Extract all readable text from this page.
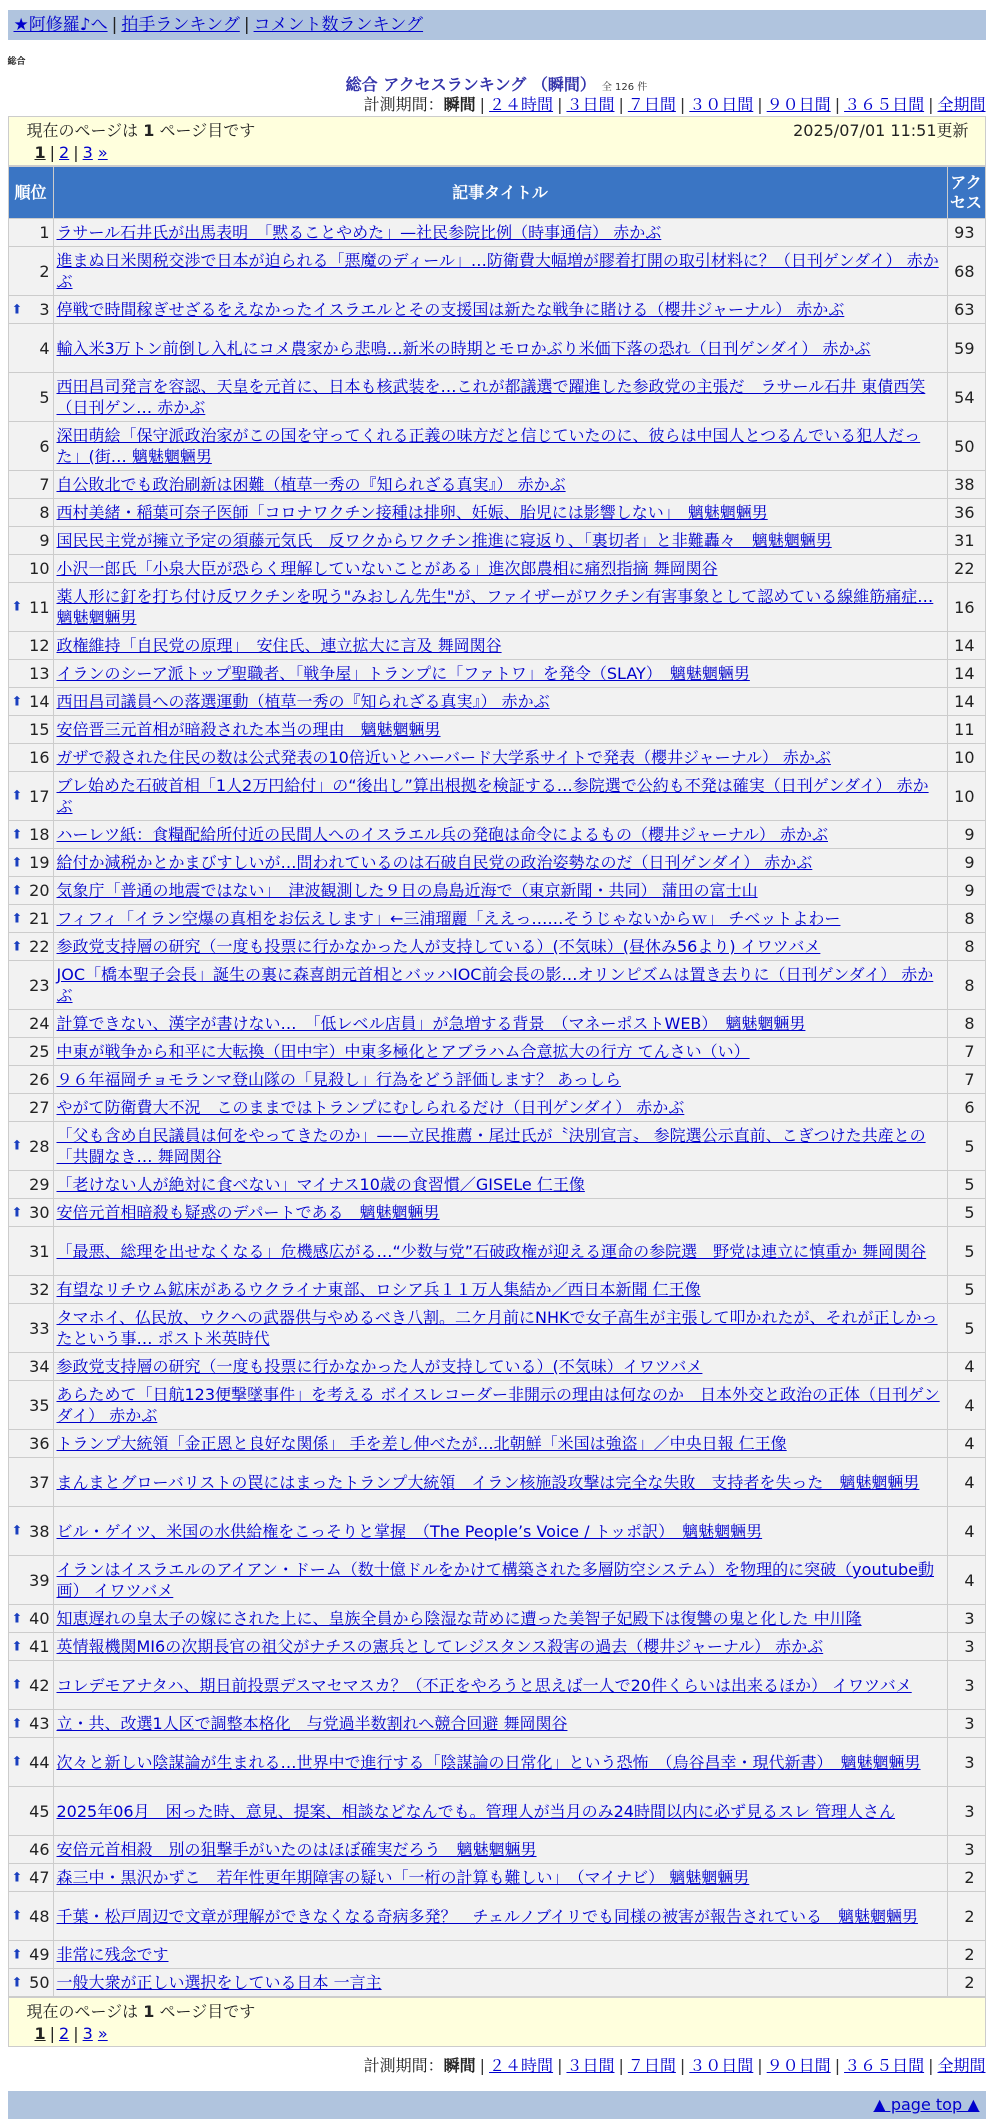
★阿修羅♪へ | 拍手ランキング | コメント数ランキング
総合
総合 アクセスランキング （瞬間） 全 126 件
計測期間：瞬間 | ２４時間 | ３日間 | ７日間 | ３０日間 | ９０日間 | ３６５日間 | 全期間
現在のページは 1 ページ目です	2025/07/01 11:51更新
1 | 2 | 3 »
順位	記事タイトル	アクセス
1	ラサール石井氏が出馬表明　「黙ることやめた」—社民参院比例（時事通信） 赤かぶ	93
2	進まぬ日米関税交渉で日本が迫られる「悪魔のディール」…防衛費大幅増が膠着打開の取引材料に？（日刊ゲンダイ） 赤かぶ	68

⬆ 3	停戦で時間稼ぎせざるをえなかったイスラエルとその支援国は新たな戦争に賭ける（櫻井ジャーナル） 赤かぶ	63
4	輸入米3万トン前倒し入札にコメ農家から悲鳴…新米の時期とモロかぶり米価下落の恐れ（日刊ゲンダイ） 赤かぶ	59
5	西田昌司発言を容認、天皇を元首に、日本も核武装を…これが都議選で躍進した参政党の主張だ　ラサール石井 東債西笑（日刊ゲン… 赤かぶ	54
6	深田萌絵「保守派政治家がこの国を守ってくれる正義の味方だと信じていたのに、彼らは中国人とつるんでいる犯人だった」(街… 魑魅魍魎男	50
7	自公敗北でも政治刷新は困難（植草一秀の『知られざる真実』） 赤かぶ	38
8	西村美緒・稲葉可奈子医師「コロナワクチン接種は排卵、妊娠、胎児には影響しない」　魑魅魍魎男	36
9	国民民主党が擁立予定の須藤元気氏　反ワクからワクチン推進に寝返り、「裏切者」と非難轟々　魑魅魍魎男	31
10	小沢一郎氏「小泉大臣が恐らく理解していないことがある」進次郎農相に痛烈指摘 舞岡関谷	22

⬆ 11	薬人形に釘を打ち付け反ワクチンを呪う"みおしん先生"が、ファイザーがワクチン有害事象として認めている線維筋痛症… 魑魅魍魎男	16
12	政権維持「自民党の原理」　安住氏、連立拡大に言及 舞岡関谷	14
13	イランのシーア派トップ聖職者、「戦争屋」トランプに「ファトワ」を発令（SLAY）　魑魅魍魎男	14

⬆ 14	西田昌司議員への落選運動（植草一秀の『知られざる真実』） 赤かぶ	14
15	安倍晋三元首相が暗殺された本当の理由　魑魅魍魎男	11
16	ガザで殺された住民の数は公式発表の10倍近いとハーバード大学系サイトで発表（櫻井ジャーナル） 赤かぶ	10

⬆ 17	ブレ始めた石破首相「1人2万円給付」の“後出し”算出根拠を検証する…参院選で公約も不発は確実（日刊ゲンダイ） 赤かぶ	10

⬆ 18	ハーレツ紙：食糧配給所付近の民間人へのイスラエル兵の発砲は命令によるもの（櫻井ジャーナル） 赤かぶ	9

⬆ 19	給付か減税かとかまびすしいが…問われているのは石破自民党の政治姿勢なのだ（日刊ゲンダイ） 赤かぶ	9

⬆ 20	気象庁「普通の地震ではない」　津波観測した９日の鳥島近海で（東京新聞・共同） 蒲田の富士山	9

⬆ 21	フィフィ「イラン空爆の真相をお伝えします」←三浦瑠麗「ええっ……そうじゃないからｗ」 チベットよわー	8

⬆ 22	参政党支持層の研究（一度も投票に行かなかった人が支持している）(不気味）(昼休み56より) イワツバメ	8
23	JOC「橋本聖子会長」誕生の裏に森喜朗元首相とバッハIOC前会長の影…オリンピズムは置き去りに（日刊ゲンダイ） 赤かぶ	8
24	計算できない、漢字が書けない…　「低レベル店員」が急増する背景　（マネーポストWEB）　魑魅魍魎男	8
25	中東が戦争から和平に大転換（田中宇）中東多極化とアブラハム合意拡大の行方 てんさい（い）	7
26	９６年福岡チョモランマ登山隊の「見殺し」行為をどう評価します？ あっしら	7
27	やがて防衛費大不況　このままではトランプにむしられるだけ（日刊ゲンダイ） 赤かぶ	6

⬆ 28	「父も含め自民議員は何をやってきたのか」——立民推薦・尾辻氏が〝決別宣言〟 参院選公示直前、こぎつけた共産との「共闘なき… 舞岡関谷	5
29	「老けない人が絶対に食べない」マイナス10歳の食習慣／GISELe 仁王像	5

⬆ 30	安倍元首相暗殺も疑惑のデパートである　魑魅魍魎男	5
31	「最悪、総理を出せなくなる」危機感広がる…“少数与党”石破政権が迎える運命の参院選　野党は連立に慎重か 舞岡関谷	5
32	有望なリチウム鉱床があるウクライナ東部、ロシア兵１１万人集結か／西日本新聞 仁王像	5
33	タマホイ、仏民放、ウクへの武器供与やめるべき八割。二ケ月前にNHKで女子高生が主張して叩かれたが、それが正しかったという事… ポスト米英時代	5
34	参政党支持層の研究（一度も投票に行かなかった人が支持している）(不気味）イワツバメ	4
35	あらためて「日航123便撃墜事件」を考える ボイスレコーダー非開示の理由は何なのか　日本外交と政治の正体（日刊ゲンダイ） 赤かぶ	4
36	トランプ大統領「金正恩と良好な関係」 手を差し伸べたが…北朝鮮「米国は強盗」／中央日報 仁王像	4
37	まんまとグローバリストの罠にはまったトランプ大統領　イラン核施設攻撃は完全な失敗　支持者を失った　魑魅魍魎男	4

⬆ 38	ビル・ゲイツ、米国の水供給権をこっそりと掌握　（The People’s Voice / トッポ訳）　魑魅魍魎男	4
39	イランはイスラエルのアイアン・ドーム（数十億ドルをかけて構築された多層防空システム）を物理的に突破（youtube動画） イワツバメ	4

⬆ 40	知恵遅れの皇太子の嫁にされた上に、皇族全員から陰湿な苛めに遭った美智子妃殿下は復讐の鬼と化した 中川隆	3

⬆ 41	英情報機関MI6の次期長官の祖父がナチスの憲兵としてレジスタンス殺害の過去（櫻井ジャーナル） 赤かぶ	3

⬆ 42	コレデモアナタハ、期日前投票デスマセマスカ？（不正をやろうと思えば一人で20件くらいは出来るほか） イワツバメ	3

⬆ 43	立・共、改選1人区で調整本格化　与党過半数割れへ競合回避 舞岡関谷	3

⬆ 44	次々と新しい陰謀論が生まれる…世界中で進行する「陰謀論の日常化」という恐怖　（烏谷昌幸・現代新書）　魑魅魍魎男	3
45	2025年06月　困った時、意見、提案、相談などなんでも。管理人が当月のみ24時間以内に必ず見るスレ 管理人さん	3
46	安倍元首相殺　別の狙撃手がいたのはほぼ確実だろう　魑魅魍魎男	3

⬆ 47	森三中・黒沢かずこ　若年性更年期障害の疑い「一桁の計算も難しい」　（マイナビ） 魑魅魍魎男	2

⬆ 48	千葉・松戸周辺で文章が理解ができなくなる奇病多発？　チェルノブイリでも同様の被害が報告されている　魑魅魍魎男	2

⬆ 49	非常に残念です	2

⬆ 50	一般大衆が正しい選択をしている日本 一言主	2
現在のページは 1 ページ目です
1 | 2 | 3 »
計測期間：瞬間 | ２４時間 | ３日間 | ７日間 | ３０日間 | ９０日間 | ３６５日間 | 全期間
▲ page top ▲
